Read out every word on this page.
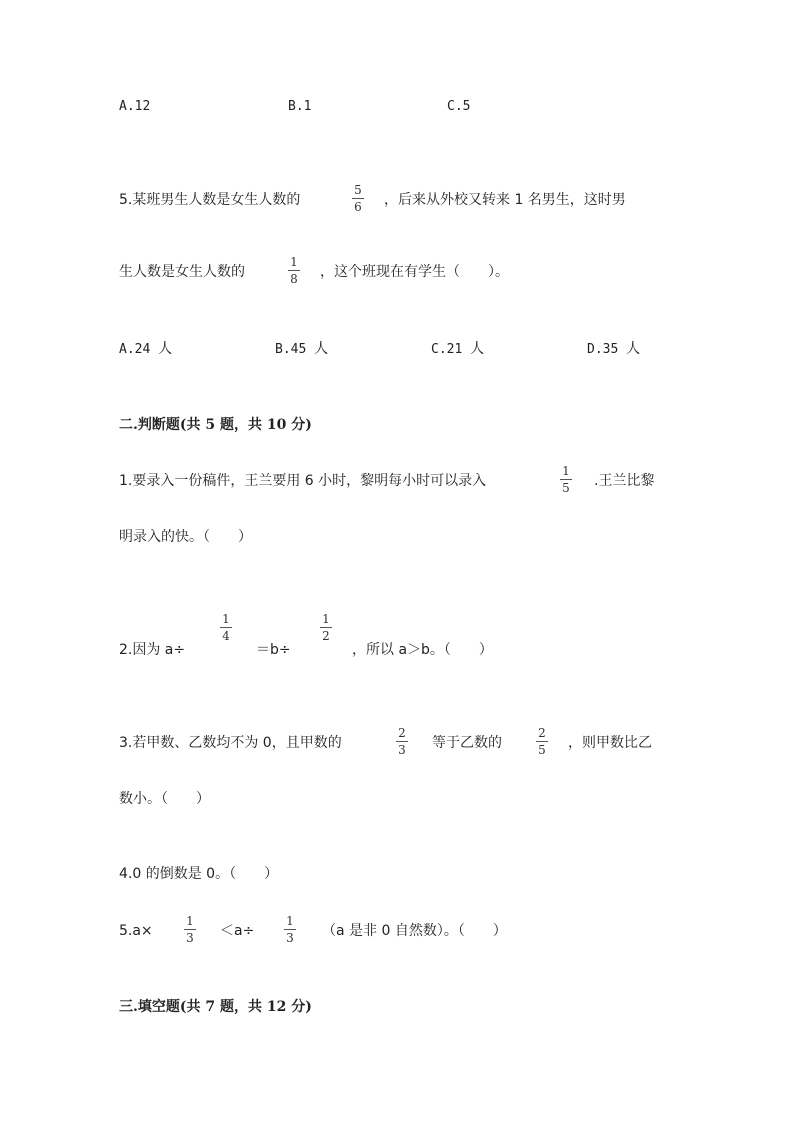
A.12	B.1	C.5
5.某班男生人数是女生人数的
5
6	，后来从外校又转来 1 名男生，这时男
生人数是女生人数的
1
8	，这个班现在有学生（　　）。
A.24 人	B.45 人	C.21 人	D.35 人
二.判断题(共 5 题，共 10 分)
1.要录入一份稿件，王兰要用 6 小时，黎明每小时可以录入
1
5	.王兰比黎
明录入的快。（　　）
2.因为 a÷
1
4
＝b÷
1
2
，所以 a＞b。（　　）
3.若甲数、乙数均不为 0，且甲数的
2
3	等于乙数的
2
5	，则甲数比乙
数小。（　　）
4.0 的倒数是 0。（　　）
5.a×
1
3	＜a÷
1
3	（a 是非 0 自然数）。（　　）
三.填空题(共 7 题，共 12 分)
